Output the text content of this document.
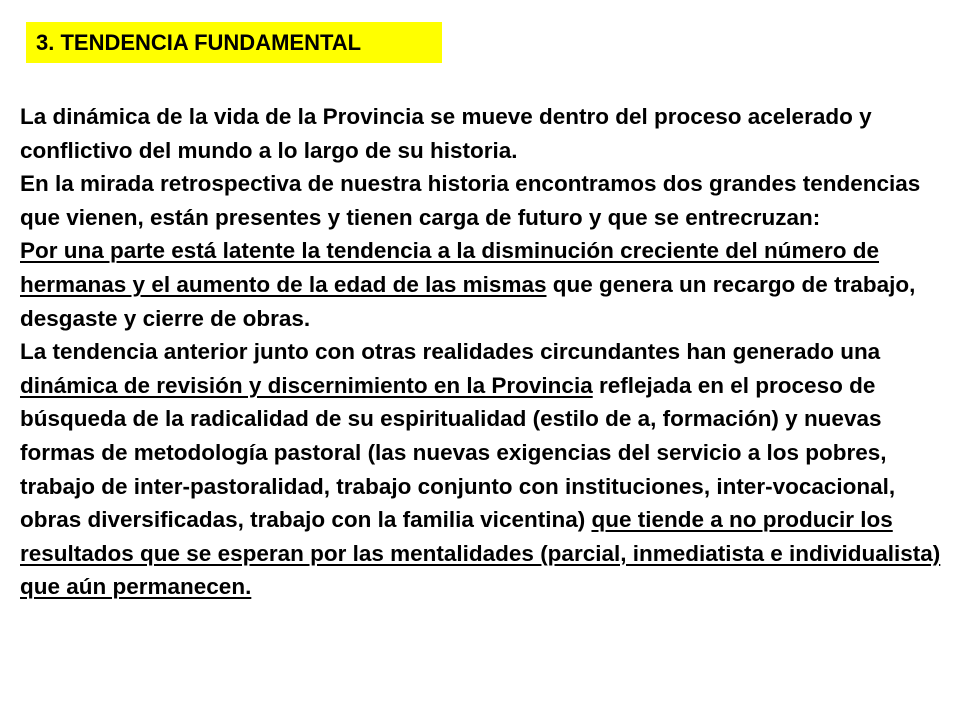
3. TENDENCIA FUNDAMENTAL

La dinámica de la vida de la Provincia se mueve dentro del proceso acelerado y conflictivo del mundo a lo largo de su historia.

En la mirada retrospectiva de nuestra historia encontramos dos grandes tendencias que vienen, están presentes y tienen carga de futuro y que se entrecruzan:

Por una parte está latente la tendencia a la disminución creciente del número de hermanas y el aumento de la edad de las mismas que genera un recargo de trabajo, desgaste y cierre de obras.

La tendencia anterior junto con otras realidades circundantes han generado una dinámica de revisión y discernimiento en la Provincia reflejada en el proceso de búsqueda de la radicalidad de su espiritualidad (estilo de a, formación) y nuevas formas de metodología pastoral (las nuevas exigencias del servicio a los pobres, trabajo de inter-pastoralidad, trabajo conjunto con instituciones, inter-vocacional, obras diversificadas, trabajo con la familia vicentina) que tiende a no producir los resultados que se esperan por las mentalidades (parcial, inmediatista e individualista) que aún permanecen.
